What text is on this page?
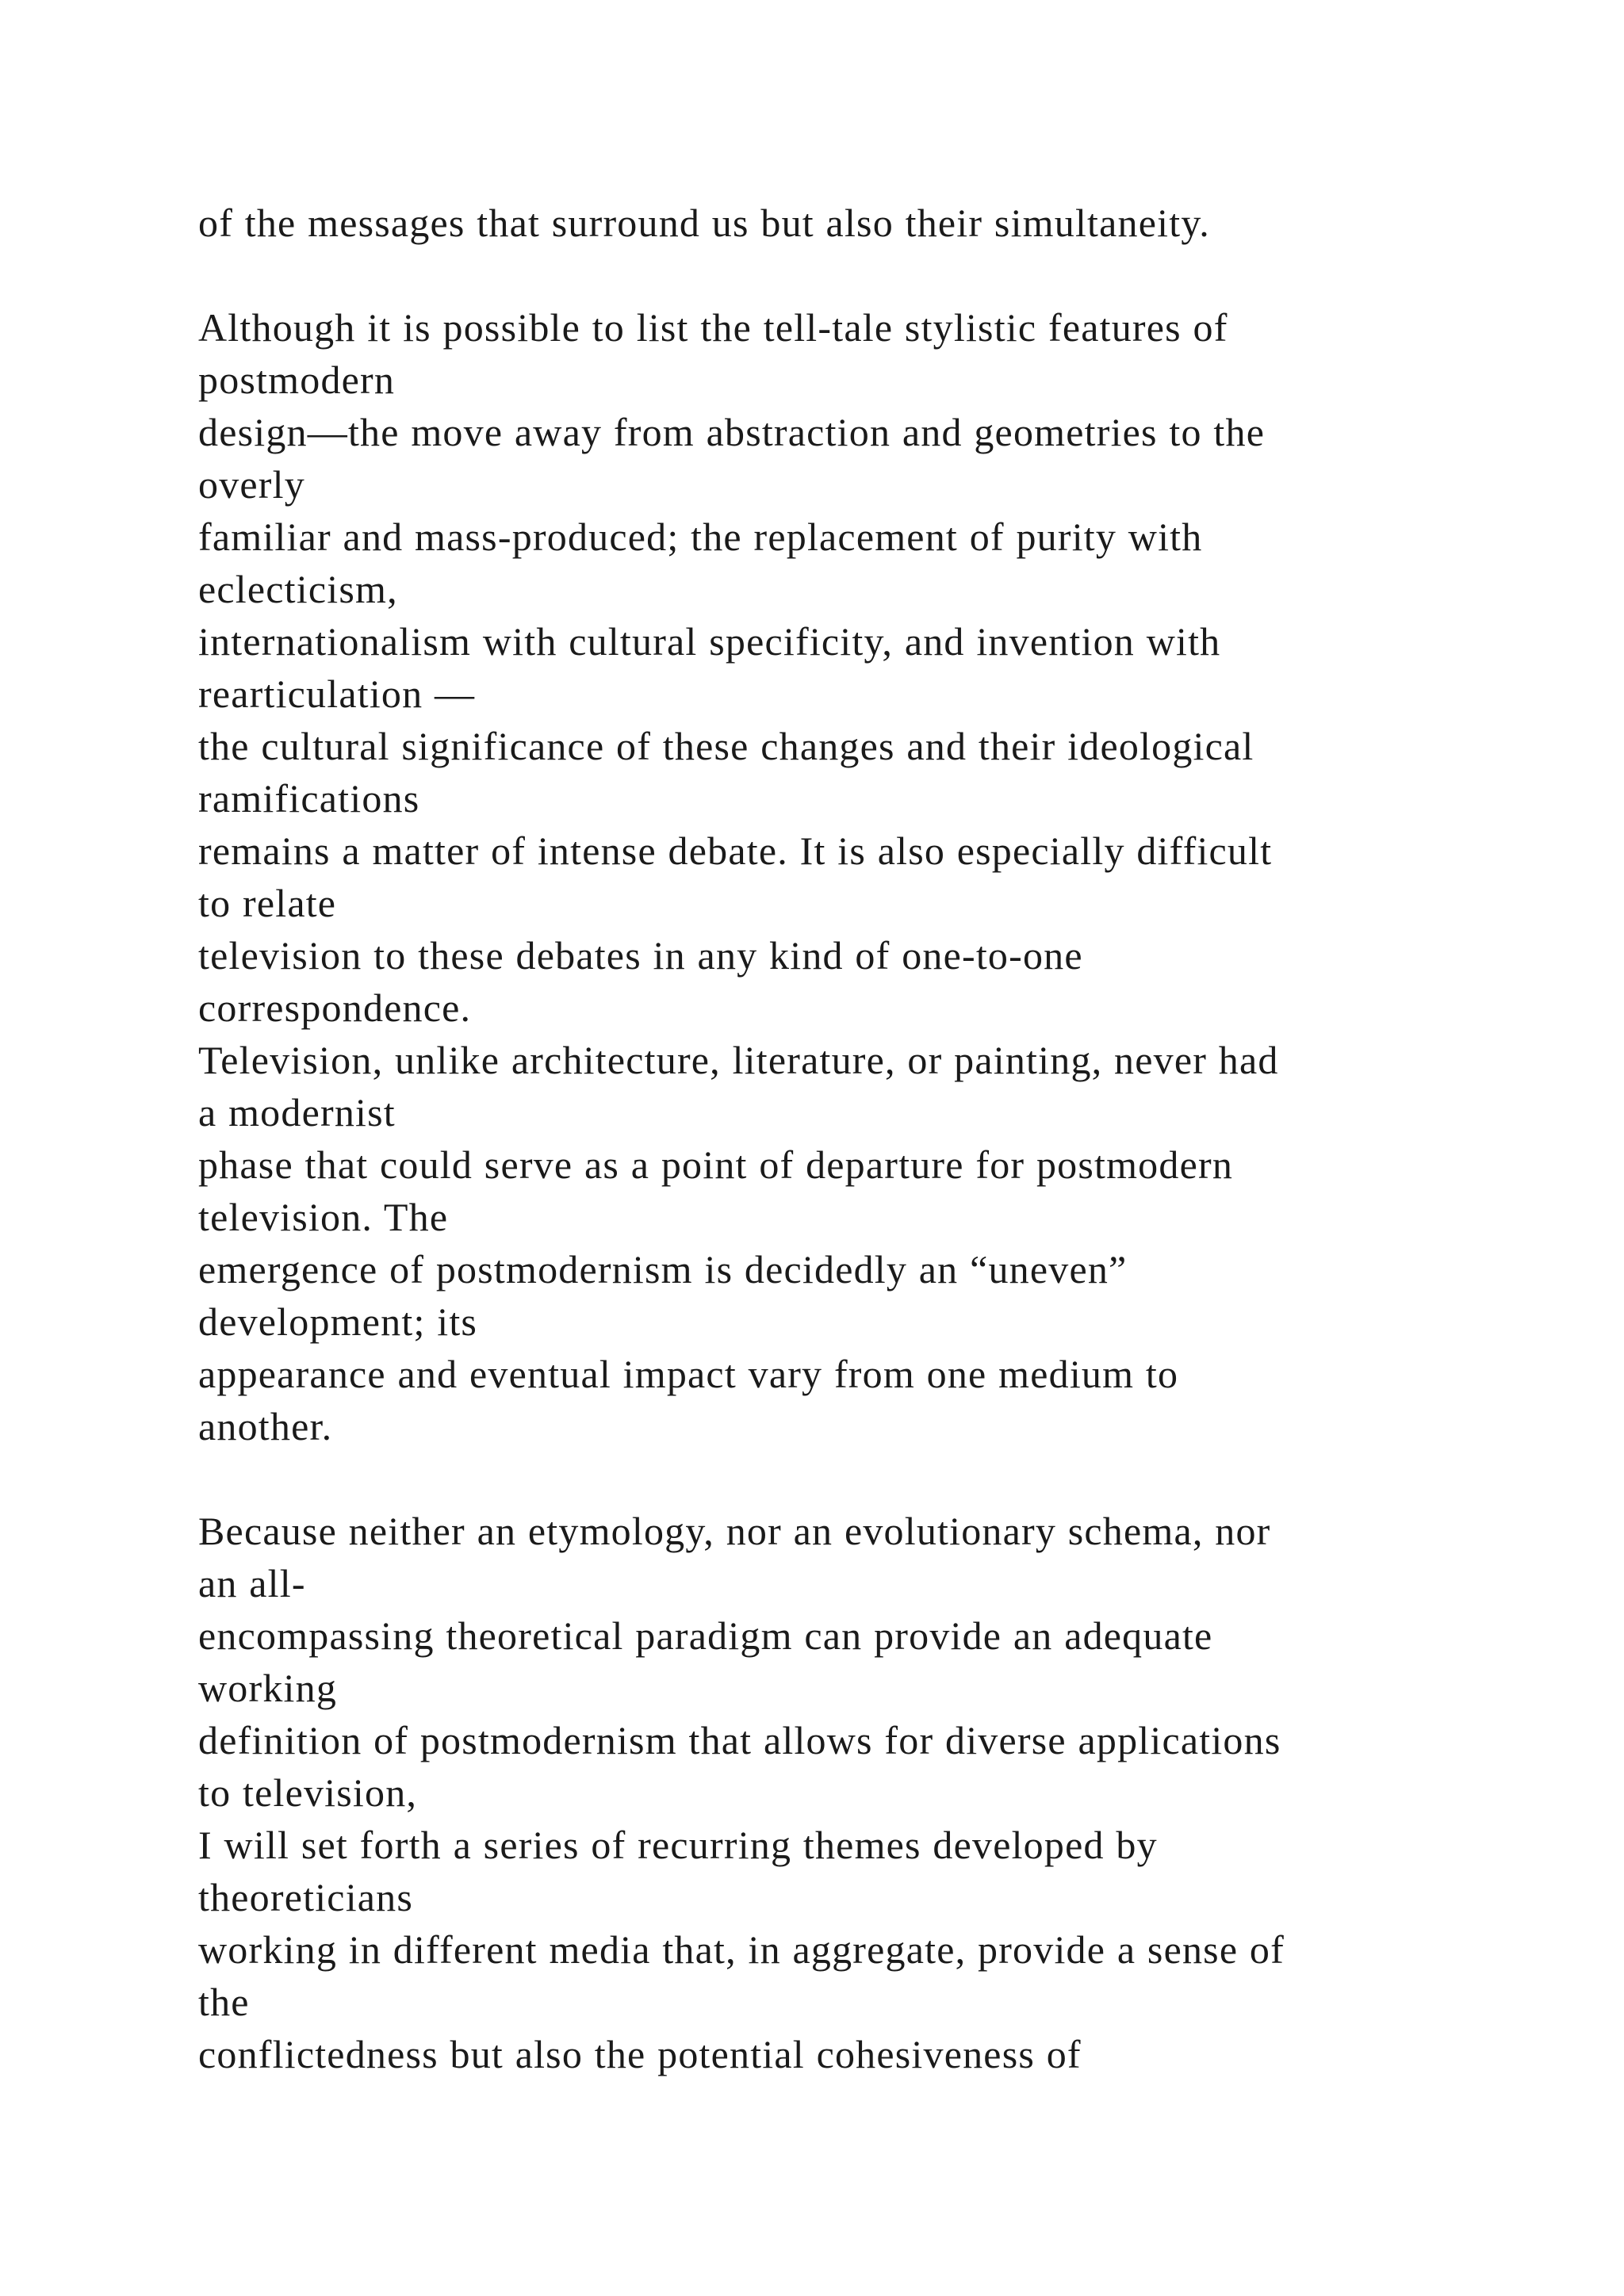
of the messages that surround us but also their simultaneity.
Although it is possible to list the tell-tale stylistic features of
postmodern
design—the move away from abstraction and geometries to the
overly
familiar and mass-produced; the replacement of purity with
eclecticism,
internationalism with cultural specificity, and invention with
rearticulation —
the cultural significance of these changes and their ideological
ramifications
remains a matter of intense debate. It is also especially difficult
to relate
television to these debates in any kind of one-to-one
correspondence.
Television, unlike architecture, literature, or painting, never had
a modernist
phase that could serve as a point of departure for postmodern
television. The
emergence of postmodernism is decidedly an “uneven”
development; its
appearance and eventual impact vary from one medium to
another.
Because neither an etymology, nor an evolutionary schema, nor
an all-
encompassing theoretical paradigm can provide an adequate
working
definition of postmodernism that allows for diverse applications
to television,
I will set forth a series of recurring themes developed by
theoreticians
working in different media that, in aggregate, provide a sense of
the
conflictedness but also the potential cohesiveness of
